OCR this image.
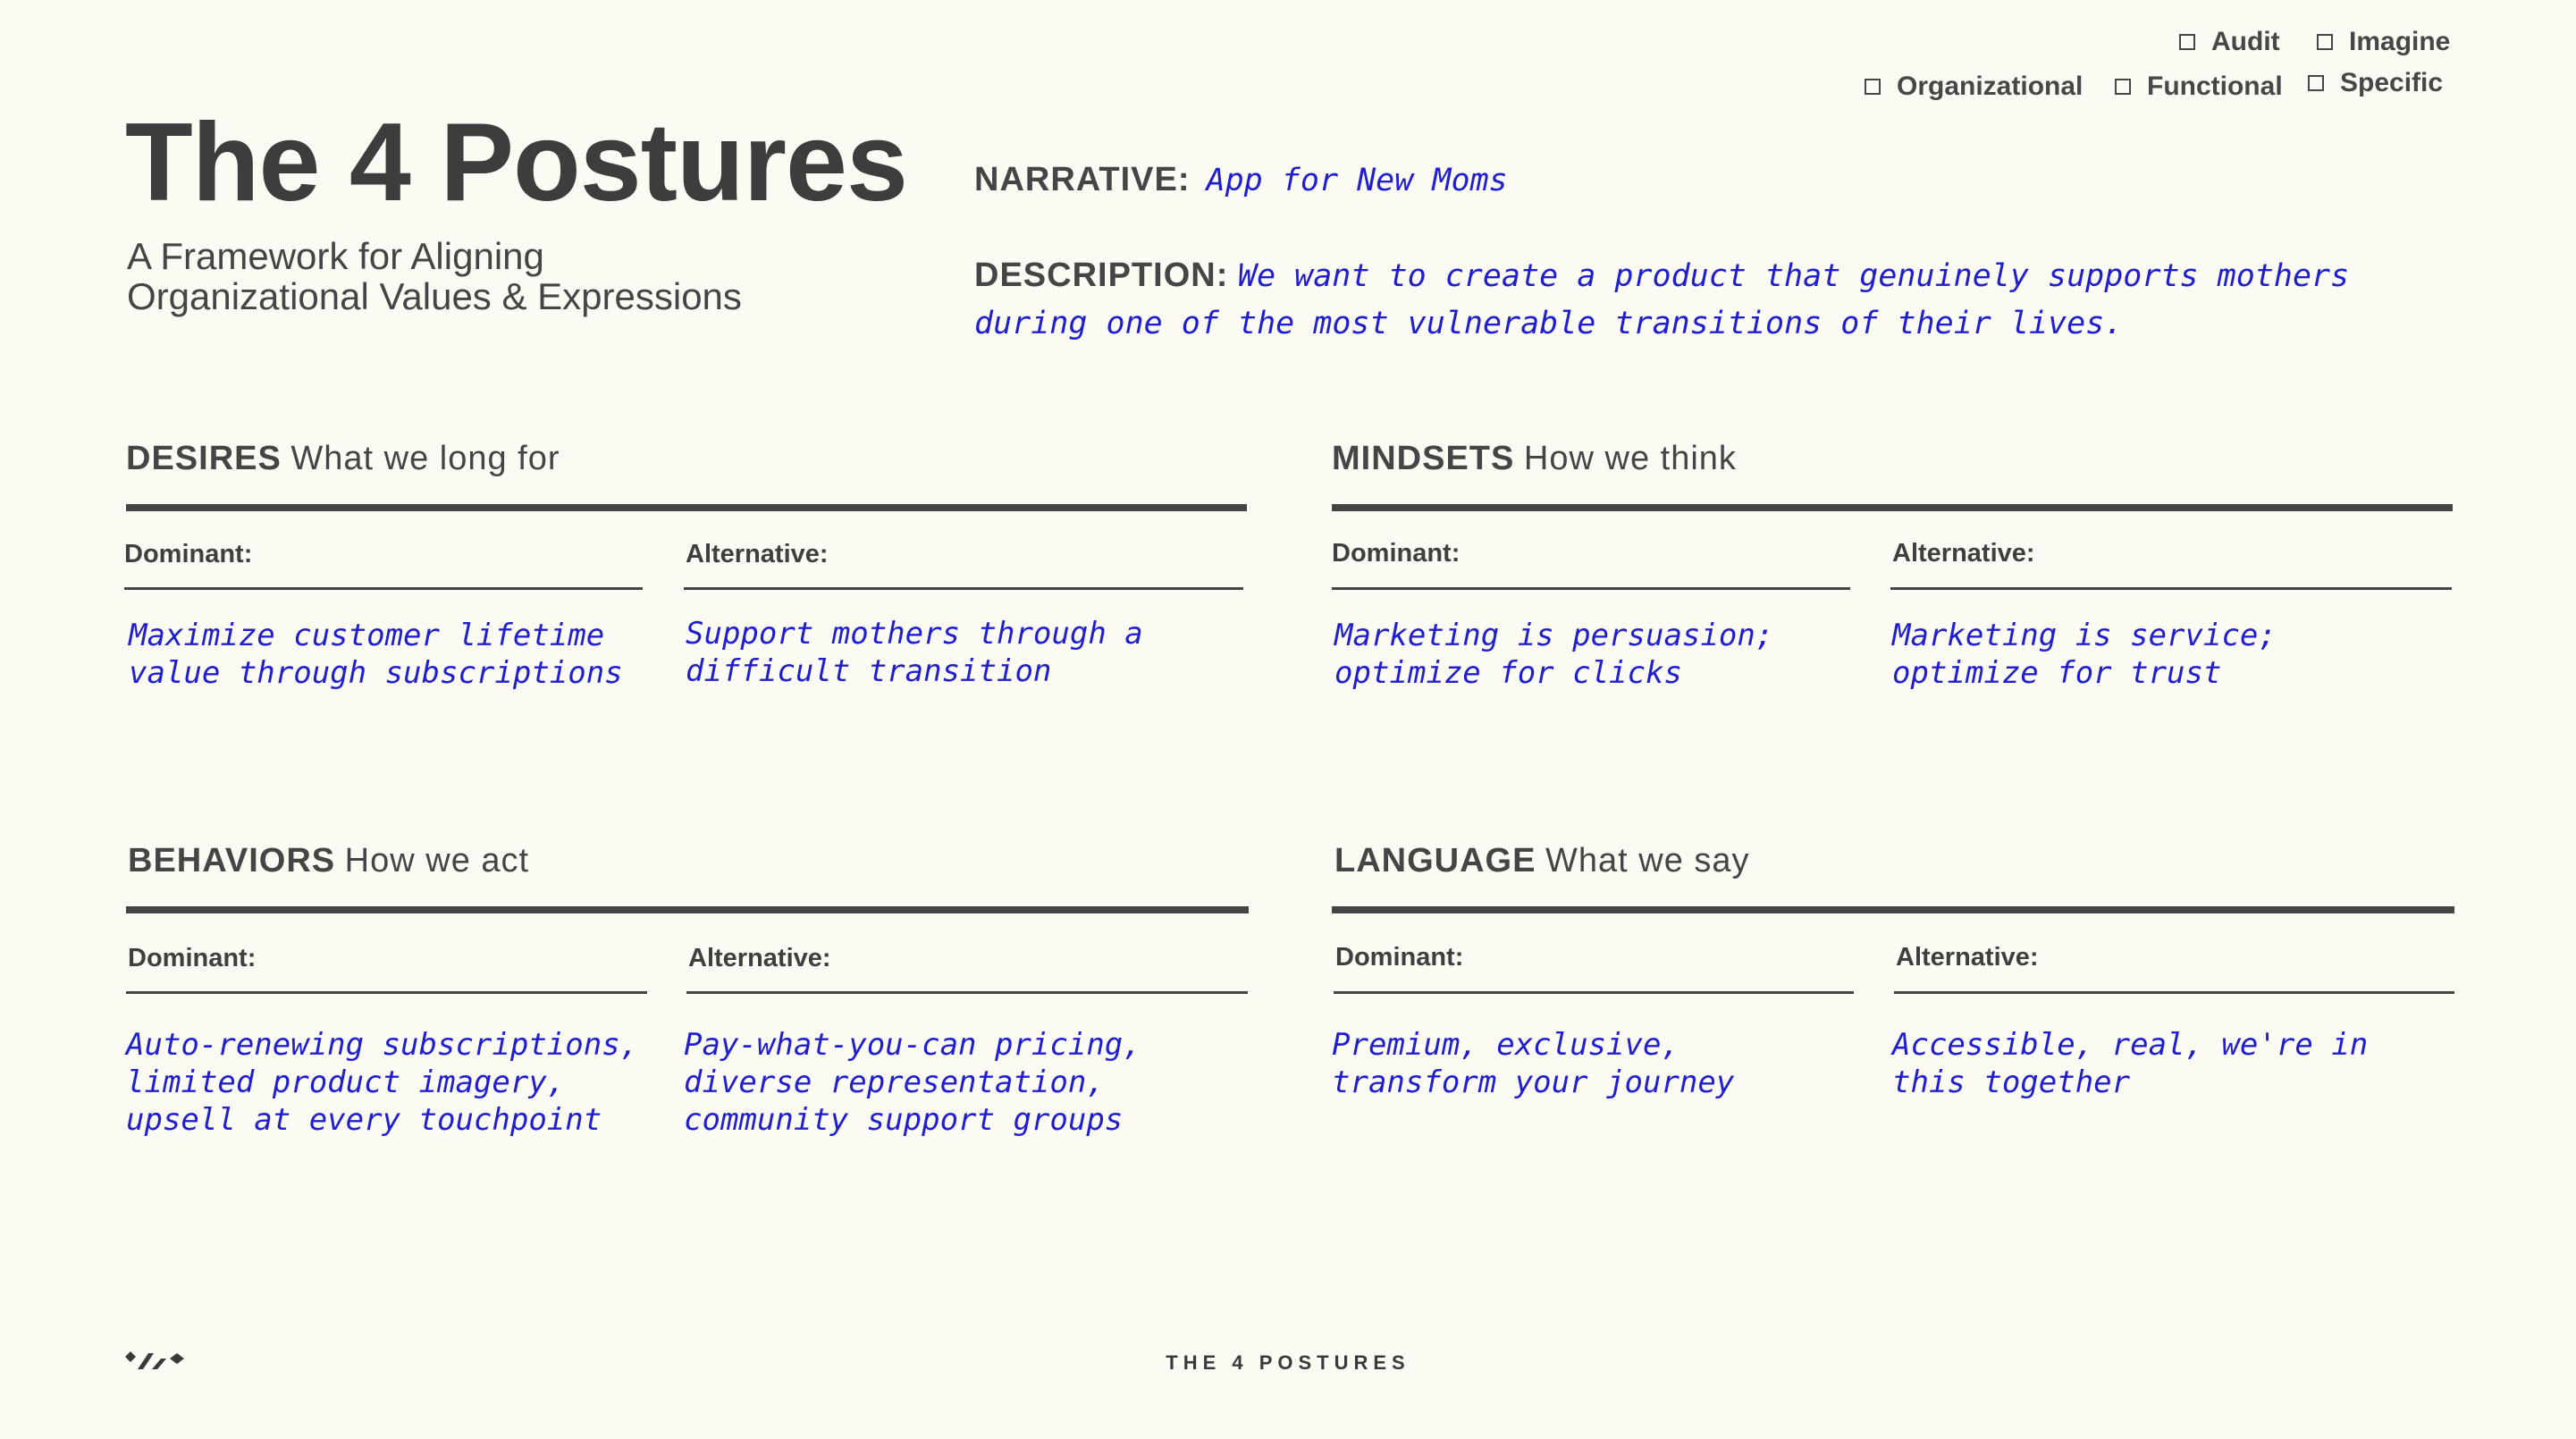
Audit	Imagine
Organizational Functional Specific
The 4 Postures
A Framework for Aligning
Organizational Values & Expressions
NARRATIVE: App for New Moms
DESCRIPTION: We want to create a product that genuinely supports mothers during one of the most vulnerable transitions of their lives.
DESIRES What we long for
Dominant:	Alternative:
Maximize customer lifetime value through subscriptions
Support mothers through a difficult transition
MINDSETS How we think
Dominant:	Alternative:
Marketing is persuasion; optimize for clicks
Marketing is service; optimize for trust
BEHAVIORS How we act
Dominant:	Alternative:
Auto-renewing subscriptions, limited product imagery, upsell at every touchpoint
Pay-what-you-can pricing, diverse representation, community support groups
LANGUAGE What we say
Dominant:	Alternative:
Premium, exclusive, transform your journey
Accessible, real, we're in this together
THE 4 POSTURES
